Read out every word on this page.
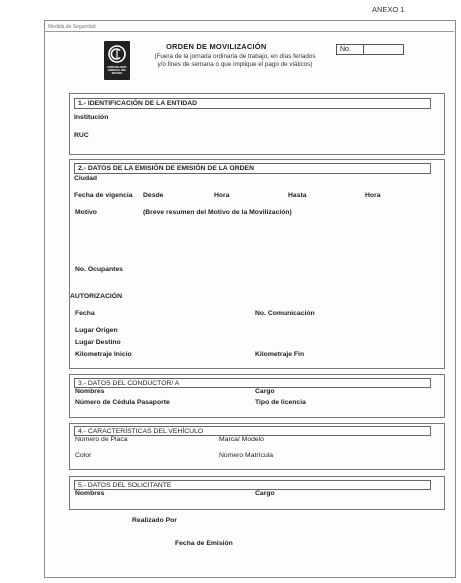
ANEXO 1
Medida de Seguridad
CONTRALORÍA GENERAL DEL ESTADO
ORDEN DE MOVILIZACIÓN
(Fuera de la jornada ordinaria de trabajo, en días feriados
y/o fines de semana o que implique el pago de viáticos)
No.
1.- IDENTIFICACIÓN DE LA ENTIDAD
Institución
RUC
2.- DATOS DE LA EMISIÓN DE EMISIÓN DE LA ORDEN
Ciudad
Fecha de vigencia Desde	Hora	Hasta	Hora
Motivo	(Breve resumen del Motivo de la Movilización)
No. Ocupantes
AUTORIZACIÓN
Fecha	No. Comunicación
Lugar Origen
Lugar Destino
Kilometraje Inicio	Kilometraje Fin
3.- DATOS DEL CONDUCTOR/ A
Nombres	Cargo
Número de Cédula Pasaporte	Tipo de licencia
4.- CARACTERÍSTICAS DEL VEHÍCULO
Número de Placa	Marca/ Modelo
Color	Número Matrícula
5.- DATOS DEL SOLICITANTE
Nombres	Cargo
Realizado Por
Fecha de Emisión
